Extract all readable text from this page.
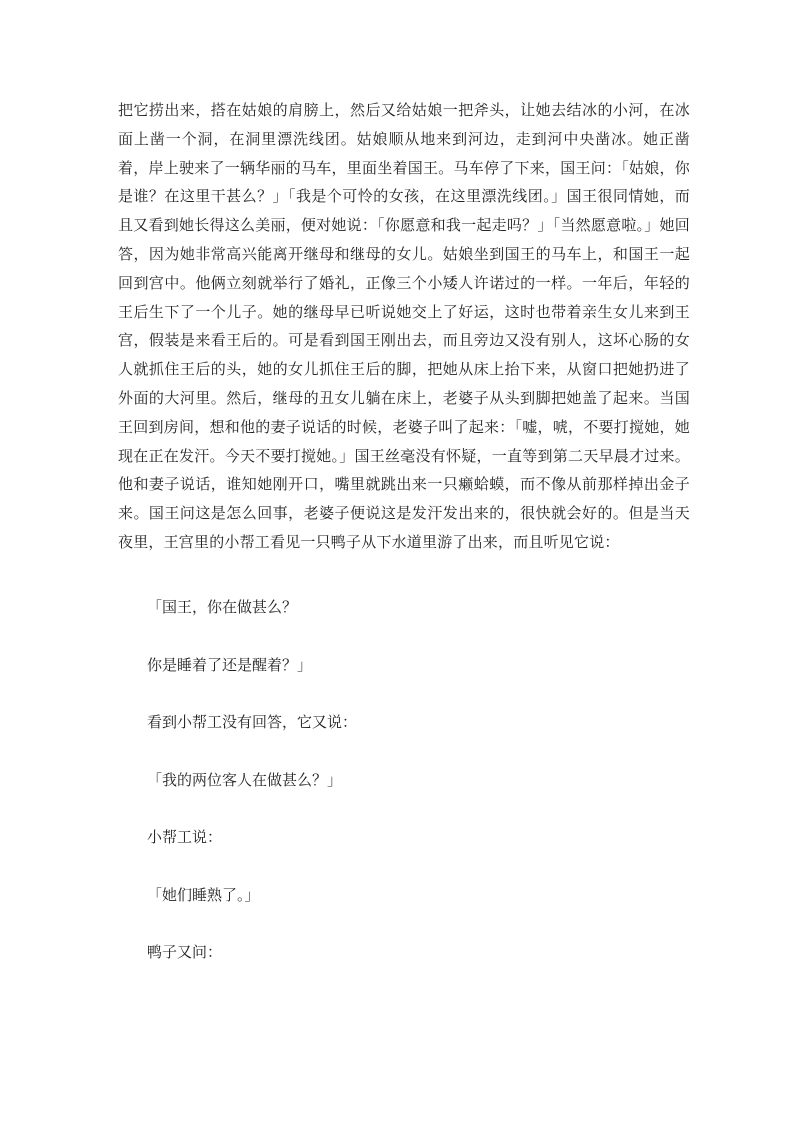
把它捞出来，搭在姑娘的肩膀上，然后又给姑娘一把斧头，让她去结冰的小河，在冰面上凿一个洞，在洞里漂洗线团。姑娘顺从地来到河边，走到河中央凿冰。她正凿着，岸上驶来了一辆华丽的马车，里面坐着国王。马车停了下来，国王问：「姑娘，你是谁？在这里干甚么？」「我是个可怜的女孩，在这里漂洗线团。」国王很同情她，而且又看到她长得这么美丽，便对她说：「你愿意和我一起走吗？」「当然愿意啦。」她回答，因为她非常高兴能离开继母和继母的女儿。姑娘坐到国王的马车上，和国王一起回到宫中。他俩立刻就举行了婚礼，正像三个小矮人许诺过的一样。一年后，年轻的王后生下了一个儿子。她的继母早已听说她交上了好运，这时也带着亲生女儿来到王宫，假装是来看王后的。可是看到国王刚出去，而且旁边又没有别人，这坏心肠的女人就抓住王后的头，她的女儿抓住王后的脚，把她从床上抬下来，从窗口把她扔进了外面的大河里。然后，继母的丑女儿躺在床上，老婆子从头到脚把她盖了起来。当国王回到房间，想和他的妻子说话的时候，老婆子叫了起来：「嘘，唬，不要打搅她，她现在正在发汗。今天不要打搅她。」国王丝毫没有怀疑，一直等到第二天早晨才过来。他和妻子说话，谁知她刚开口，嘴里就跳出来一只癞蛤蟆，而不像从前那样掉出金子来。国王问这是怎么回事，老婆子便说这是发汗发出来的，很快就会好的。但是当天夜里，王宫里的小帮工看见一只鸭子从下水道里游了出来，而且听见它说：

「国王，你在做甚么？

你是睡着了还是醒着？」

看到小帮工没有回答，它又说：

「我的两位客人在做甚么？」

小帮工说：

「她们睡熟了。」

鸭子又问：
